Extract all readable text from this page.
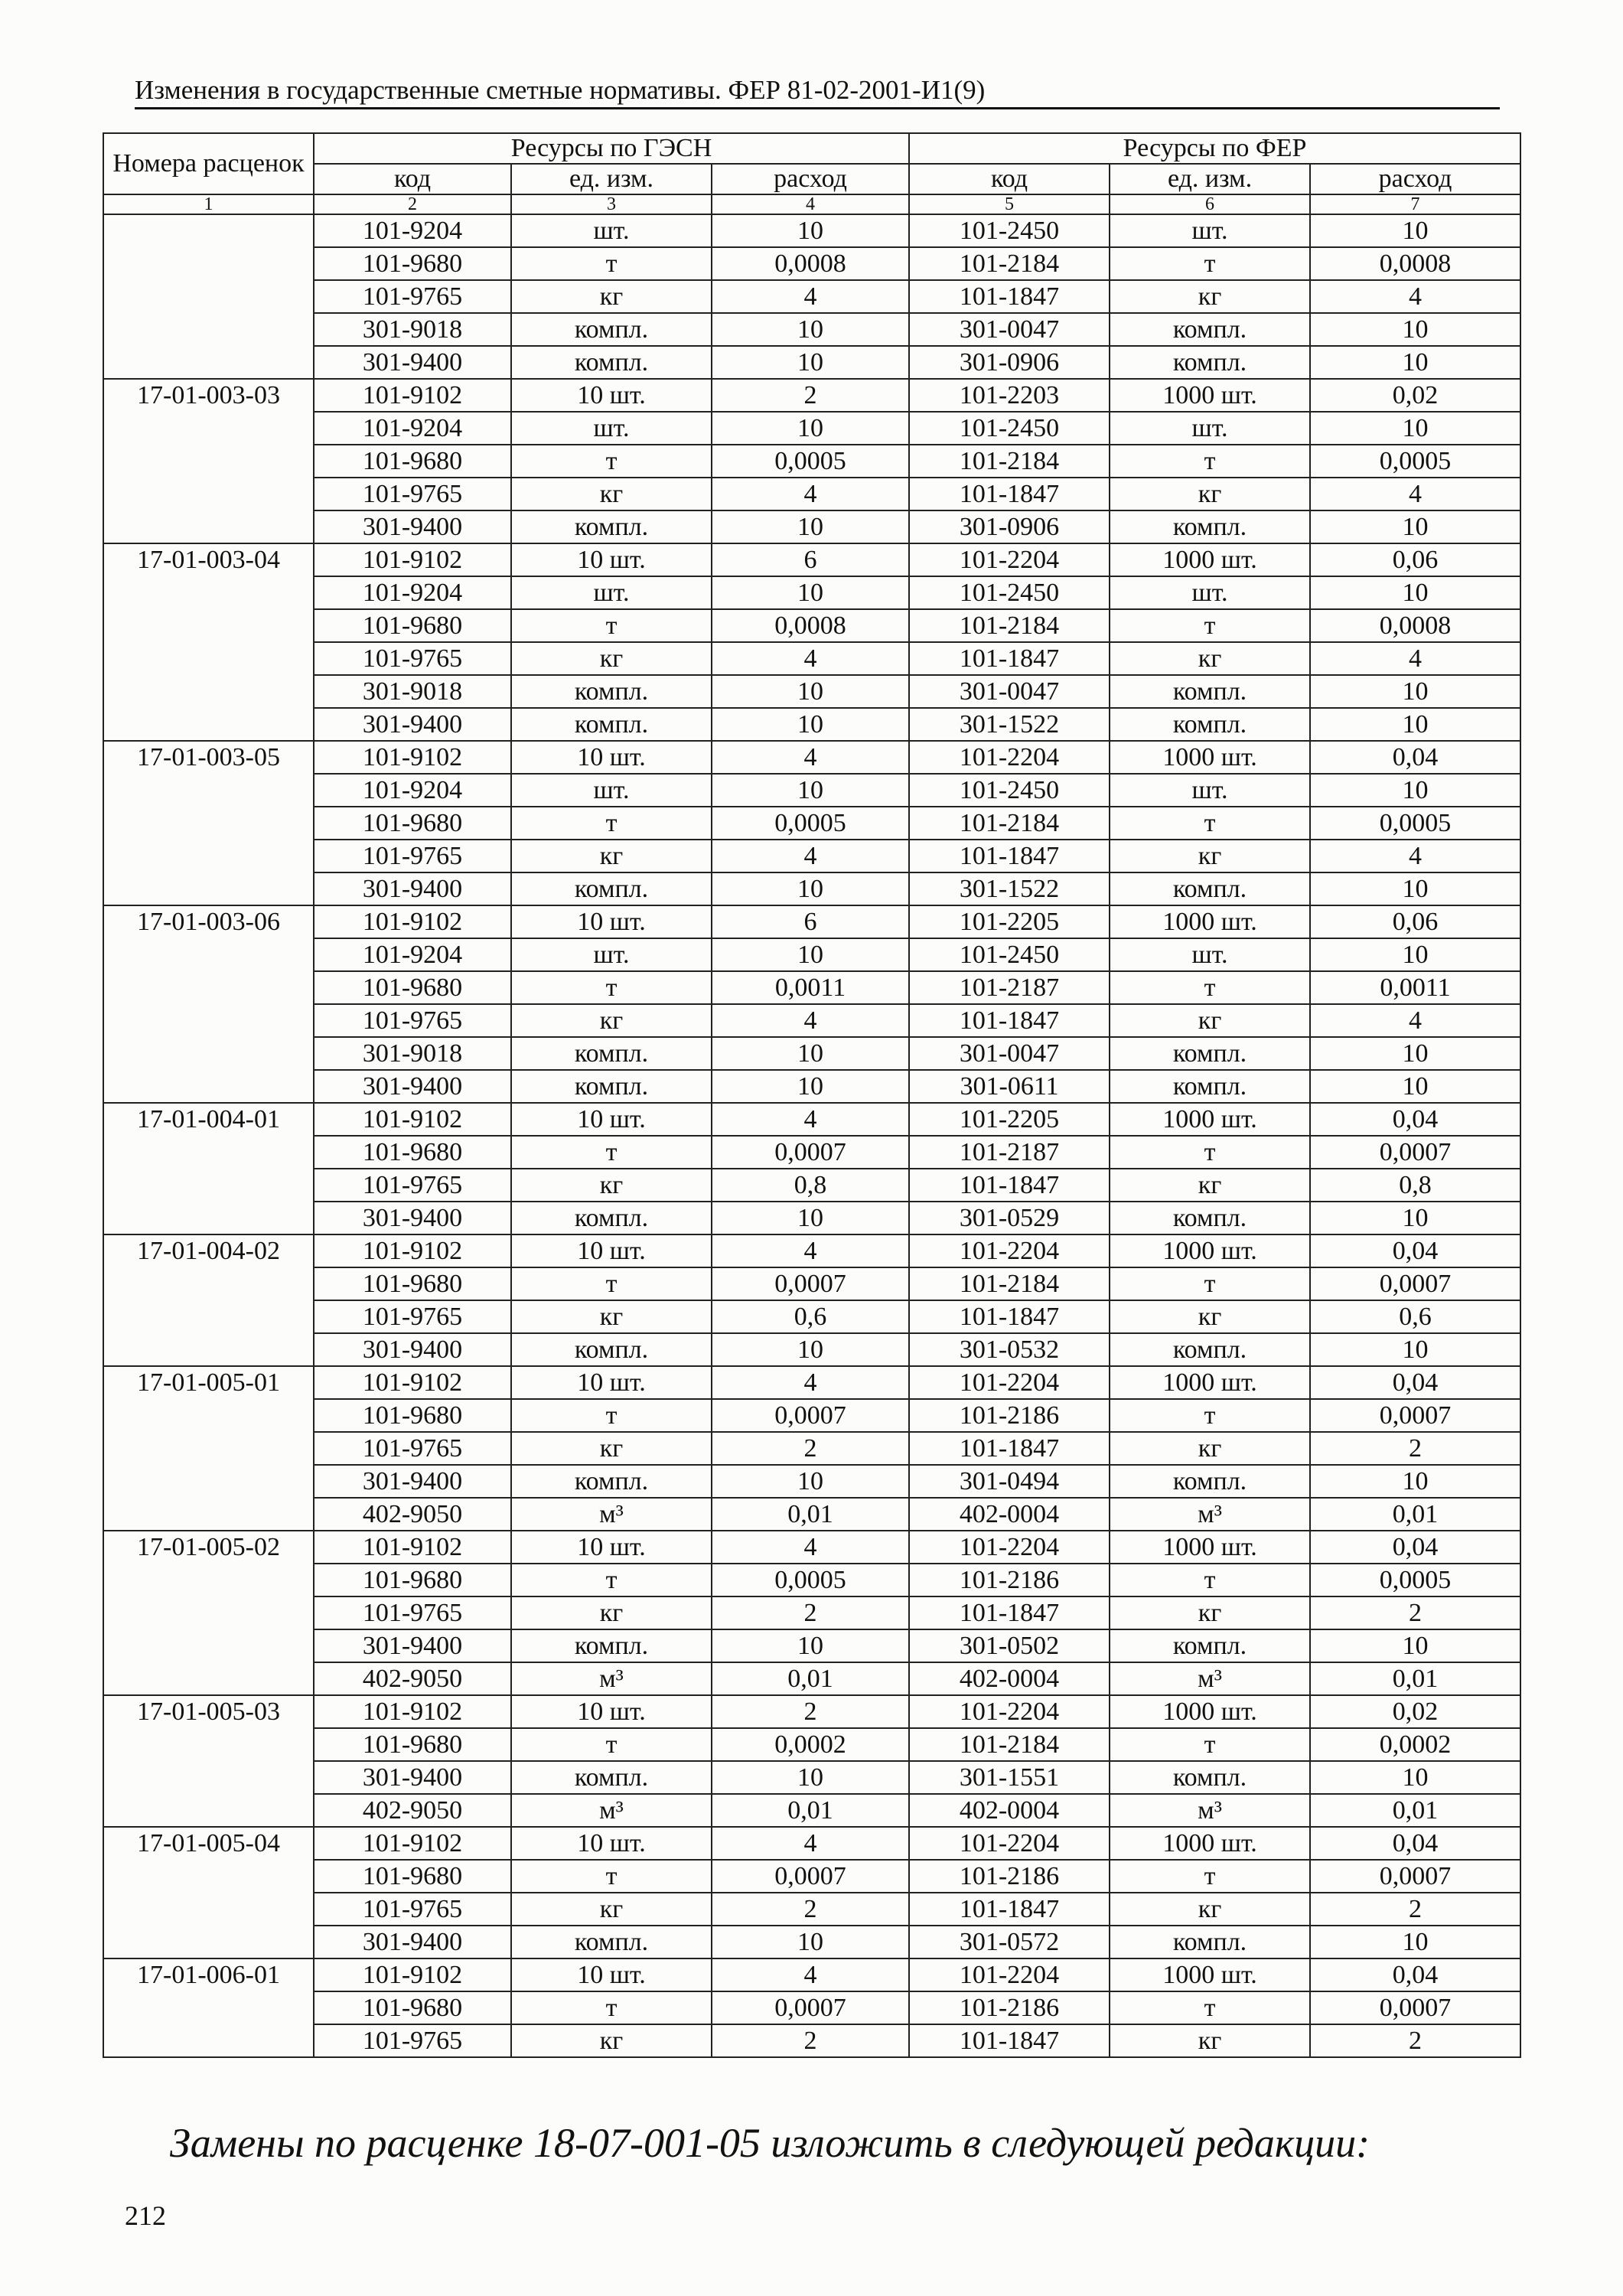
Изменения в государственные сметные нормативы. ФЕР 81-02-2001-И1(9)
Номера расценок	Ресурсы по ГЭСН			Ресурсы по ФЕР		
	код	ед. изм.	расход	код	ед. изм.	расход
1	2	3	4	5	6	7
	101-9204	шт.	10	101-2450	шт.	10
	101-9680	т	0,0008	101-2184	т	0,0008
	101-9765	кг	4	101-1847	кг	4
	301-9018	компл.	10	301-0047	компл.	10
	301-9400	компл.	10	301-0906	компл.	10
17-01-003-03	101-9102	10 шт.	2	101-2203	1000 шт.	0,02
	101-9204	шт.	10	101-2450	шт.	10
	101-9680	т	0,0005	101-2184	т	0,0005
	101-9765	кг	4	101-1847	кг	4
	301-9400	компл.	10	301-0906	компл.	10
17-01-003-04	101-9102	10 шт.	6	101-2204	1000 шт.	0,06
	101-9204	шт.	10	101-2450	шт.	10
	101-9680	т	0,0008	101-2184	т	0,0008
	101-9765	кг	4	101-1847	кг	4
	301-9018	компл.	10	301-0047	компл.	10
	301-9400	компл.	10	301-1522	компл.	10
17-01-003-05	101-9102	10 шт.	4	101-2204	1000 шт.	0,04
	101-9204	шт.	10	101-2450	шт.	10
	101-9680	т	0,0005	101-2184	т	0,0005
	101-9765	кг	4	101-1847	кг	4
	301-9400	компл.	10	301-1522	компл.	10
17-01-003-06	101-9102	10 шт.	6	101-2205	1000 шт.	0,06
	101-9204	шт.	10	101-2450	шт.	10
	101-9680	т	0,0011	101-2187	т	0,0011
	101-9765	кг	4	101-1847	кг	4
	301-9018	компл.	10	301-0047	компл.	10
	301-9400	компл.	10	301-0611	компл.	10
17-01-004-01	101-9102	10 шт.	4	101-2205	1000 шт.	0,04
	101-9680	т	0,0007	101-2187	т	0,0007
	101-9765	кг	0,8	101-1847	кг	0,8
	301-9400	компл.	10	301-0529	компл.	10
17-01-004-02	101-9102	10 шт.	4	101-2204	1000 шт.	0,04
	101-9680	т	0,0007	101-2184	т	0,0007
	101-9765	кг	0,6	101-1847	кг	0,6
	301-9400	компл.	10	301-0532	компл.	10
17-01-005-01	101-9102	10 шт.	4	101-2204	1000 шт.	0,04
	101-9680	т	0,0007	101-2186	т	0,0007
	101-9765	кг	2	101-1847	кг	2
	301-9400	компл.	10	301-0494	компл.	10
	402-9050	м³	0,01	402-0004	м³	0,01
17-01-005-02	101-9102	10 шт.	4	101-2204	1000 шт.	0,04
	101-9680	т	0,0005	101-2186	т	0,0005
	101-9765	кг	2	101-1847	кг	2
	301-9400	компл.	10	301-0502	компл.	10
	402-9050	м³	0,01	402-0004	м³	0,01
17-01-005-03	101-9102	10 шт.	2	101-2204	1000 шт.	0,02
	101-9680	т	0,0002	101-2184	т	0,0002
	301-9400	компл.	10	301-1551	компл.	10
	402-9050	м³	0,01	402-0004	м³	0,01
17-01-005-04	101-9102	10 шт.	4	101-2204	1000 шт.	0,04
	101-9680	т	0,0007	101-2186	т	0,0007
	101-9765	кг	2	101-1847	кг	2
	301-9400	компл.	10	301-0572	компл.	10
17-01-006-01	101-9102	10 шт.	4	101-2204	1000 шт.	0,04
	101-9680	т	0,0007	101-2186	т	0,0007
	101-9765	кг	2	101-1847	кг	2
Замены по расценке 18-07-001-05 изложить в следующей редакции:
212
